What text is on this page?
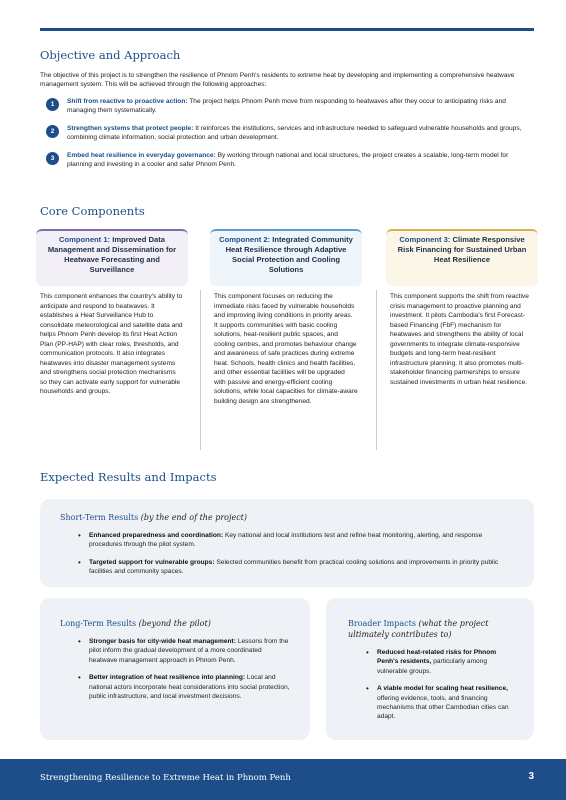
Objective and Approach

The objective of this project is to strengthen the resilience of Phnom Penh's residents to extreme heat by developing and implementing a comprehensive heatwave management system. This will be achieved through the following approaches:

1	Shift from reactive to proactive action: The project helps Phnom Penh move from responding to heatwaves after they occur to anticipating risks and managing them systematically.
2	Strengthen systems that protect people: It reinforces the institutions, services and infrastructure needed to safeguard vulnerable households and groups, combining climate information, social protection and urban development.
3	Embed heat resilience in everyday governance: By working through national and local structures, the project creates a scalable, long-term model for planning and investing in a cooler and safer Phnom Penh.
Core Components
Component 1: Improved Data Management and Dissemination for Heatwave Forecasting and Surveillance

This component enhances the country's ability to anticipate and respond to heatwaves. It establishes a Heat Surveillance Hub to consolidate meteorological and satellite data and helps Phnom Penh develop its first Heat Action Plan (PP-HAP) with clear roles, thresholds, and communication protocols. It also integrates heatwaves into disaster management systems and strengthens social protection mechanisms so they can activate early support for vulnerable households and groups.

Component 2: Integrated Community Heat Resilience through Adaptive Social Protection and Cooling Solutions

This component focuses on reducing the immediate risks faced by vulnerable households and improving living conditions in priority areas. It supports communities with basic cooling solutions, heat-resilient public spaces, and cooling centres, and promotes behaviour change and awareness of safe practices during extreme heat. Schools, health clinics and health facilities, and other essential facilities will be upgraded with passive and energy-efficient cooling solutions, while local capacities for climate-aware building design are strengthened.

Component 3: Climate Responsive Risk Financing for Sustained Urban Heat Resilience

This component supports the shift from reactive crisis management to proactive planning and investment. It pilots Cambodia's first Forecast-based Financing (FbF) mechanism for heatwaves and strengthens the ability of local governments to integrate climate-responsive budgets and long-term heat-resilient infrastructure planning. It also promotes multi-stakeholder financing partnerships to ensure sustained investments in urban heat resilience.

Expected Results and Impacts
Short-Term Results (by the end of the project)
• Enhanced preparedness and coordination: Key national and local institutions test and refine heat monitoring, alerting, and response procedures through the pilot system.
• Targeted support for vulnerable groups: Selected communities benefit from practical cooling solutions and improvements in priority public facilities and community spaces.
Long-Term Results (beyond the pilot)
• Stronger basis for city-wide heat management: Lessons from the pilot inform the gradual development of a more coordinated heatwave management approach in Phnom Penh.
• Better integration of heat resilience into planning: Local and national actors incorporate heat considerations into social protection, public infrastructure, and local investment decisions.
Broader Impacts (what the project ultimately contributes to)
• Reduced heat-related risks for Phnom Penh's residents, particularly among vulnerable groups.
• A viable model for scaling heat resilience, offering evidence, tools, and financing mechanisms that other Cambodian cities can adapt.
Strengthening Resilience to Extreme Heat in Phnom Penh	3
